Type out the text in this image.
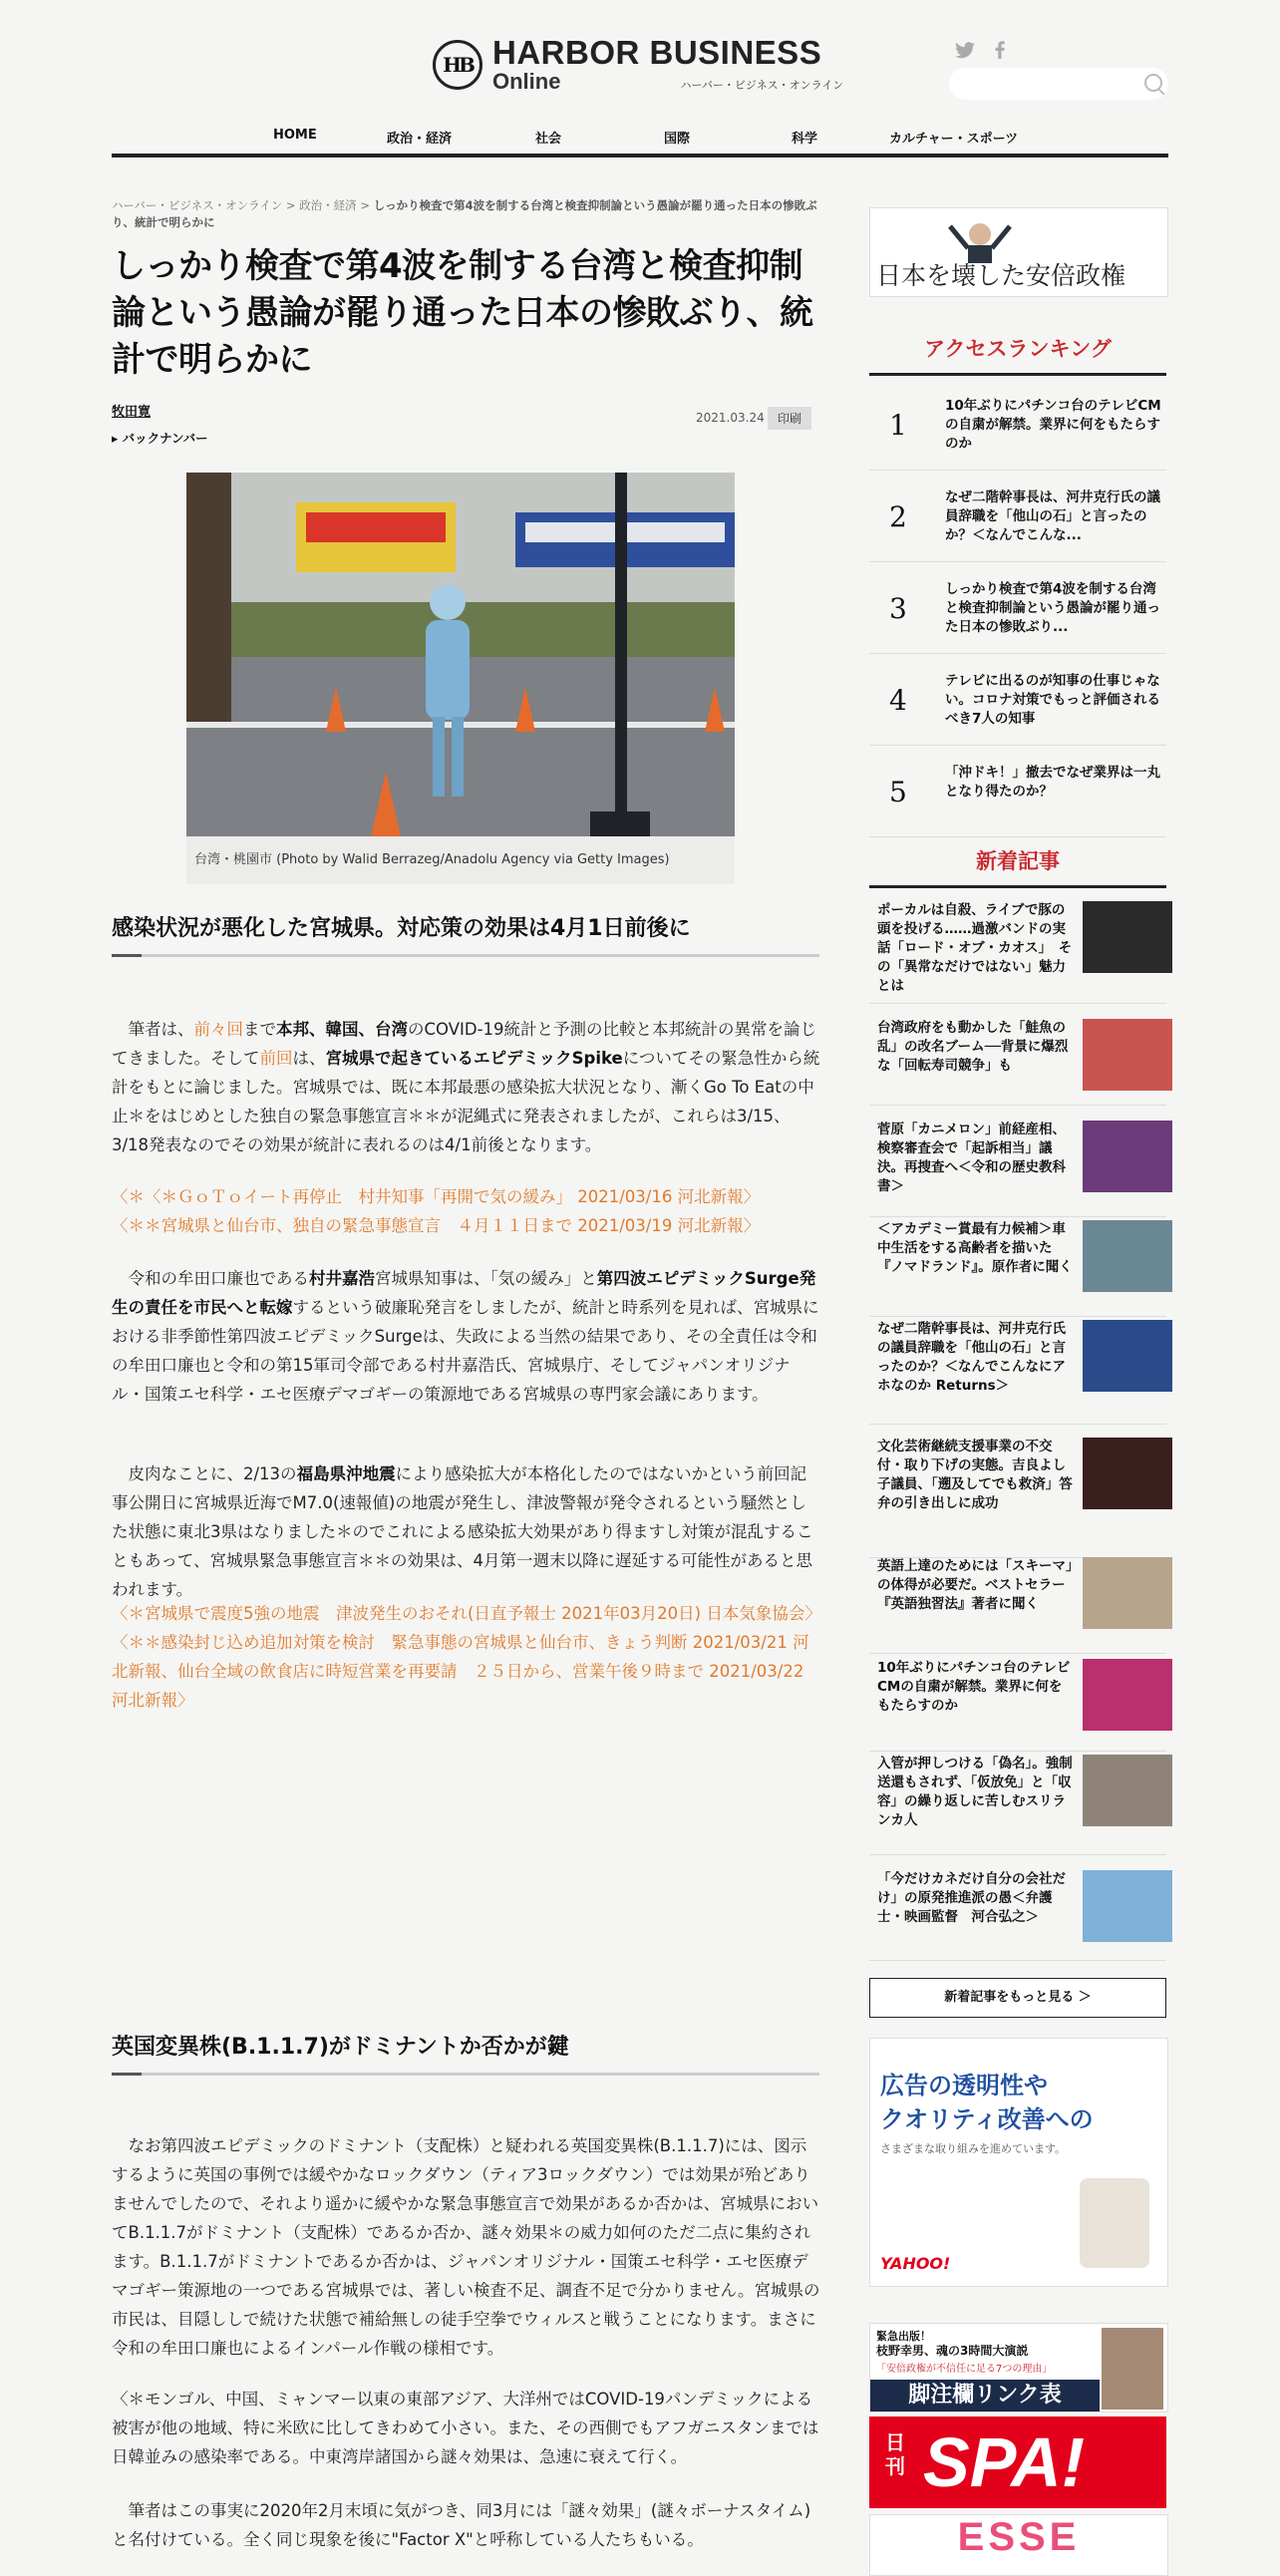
HB HARBOR BUSINESS
Online	ハーバー・ビジネス・オンライン
HOME	政治・経済	社会	国際	科学	カルチャー・スポーツ
ハーバー・ビジネス・オンライン > 政治・経済 > しっかり検査で第4波を制する台湾と検査抑制論という愚論が罷り通った日本の惨敗ぶり、統計で明らかに
しっかり検査で第4波を制する台湾と検査抑制論という愚論が罷り通った日本の惨敗ぶり、統計で明らかに
牧田寛
▸ バックナンバー
2021.03.24	印刷
台湾・桃園市 (Photo by Walid Berrazeg/Anadolu Agency via Getty Images)
感染状況が悪化した宮城県。対応策の効果は4月1日前後に

　筆者は、前々回まで本邦、韓国、台湾のCOVID-19統計と予測の比較と本邦統計の異常を論じてきました。そして前回は、宮城県で起きているエピデミックSpikeについてその緊急性から統計をもとに論じました。宮城県では、既に本邦最悪の感染拡大状況となり、漸くGo To Eatの中止＊をはじめとした独自の緊急事態宣言＊＊が泥縄式に発表されましたが、これらは3/15、3/18発表なのでその効果が統計に表れるのは4/1前後となります。

〈＊〈＊ＧｏＴｏイート再停止　村井知事「再開で気の緩み」 2021/03/16 河北新報〉
〈＊＊宮城県と仙台市、独自の緊急事態宣言　４月１１日まで 2021/03/19 河北新報〉

　令和の牟田口廉也である村井嘉浩宮城県知事は、「気の緩み」と第四波エピデミックSurge発生の責任を市民へと転嫁するという破廉恥発言をしましたが、統計と時系列を見れば、宮城県における非季節性第四波エピデミックSurgeは、失政による当然の結果であり、その全責任は令和の牟田口廉也と令和の第15軍司令部である村井嘉浩氏、宮城県庁、そしてジャパンオリジナル・国策エセ科学・エセ医療デマゴギーの策源地である宮城県の専門家会議にあります。

　皮肉なことに、2/13の福島県沖地震により感染拡大が本格化したのではないかという前回記事公開日に宮城県近海でM7.0(速報値)の地震が発生し、津波警報が発令されるという騒然とした状態に東北3県はなりました＊のでこれによる感染拡大効果があり得ますし対策が混乱することもあって、宮城県緊急事態宣言＊＊の効果は、4月第一週末以降に遅延する可能性があると思われます。

〈＊宮城県で震度5強の地震　津波発生のおそれ(日直予報士 2021年03月20日) 日本気象協会〉
〈＊＊感染封じ込め追加対策を検討　緊急事態の宮城県と仙台市、きょう判断 2021/03/21 河北新報、仙台全域の飲食店に時短営業を再要請　２５日から、営業午後９時まで 2021/03/22 河北新報〉

英国変異株(B.1.1.7)がドミナントか否かが鍵

　なお第四波エピデミックのドミナント（支配株）と疑われる英国変異株(B.1.1.7)には、図示するように英国の事例では緩やかなロックダウン（ティア3ロックダウン）では効果が殆どありませんでしたので、それより遥かに緩やかな緊急事態宣言で効果があるか否かは、宮城県においてB.1.1.7がドミナント（支配株）であるか否か、謎々効果＊の威力如何のただ二点に集約されます。B.1.1.7がドミナントであるか否かは、ジャパンオリジナル・国策エセ科学・エセ医療デマゴギー策源地の一つである宮城県では、著しい検査不足、調査不足で分かりません。宮城県の市民は、目隠ししで続けた状態で補給無しの徒手空拳でウィルスと戦うことになります。まさに令和の牟田口廉也によるインパール作戦の様相です。

〈＊モンゴル、中国、ミャンマー以東の東部アジア、大洋州ではCOVID-19パンデミックによる被害が他の地域、特に米欧に比してきわめて小さい。また、その西側でもアフガニスタンまでは日韓並みの感染率である。中東湾岸諸国から謎々効果は、急速に衰えて行く。

　筆者はこの事実に2020年2月末頃に気がつき、同3月には「謎々効果」(謎々ボーナスタイム)と名付けている。全く同じ現象を後に"Factor X"と呼称している人たちもいる。

日本を壊した安倍政権
アクセスランキング
1
10年ぶりにパチンコ台のテレビCMの自粛が解禁。業界に何をもたらすのか
2
なぜ二階幹事長は、河井克行氏の議員辞職を「他山の石」と言ったのか？＜なんでこんな...
3
しっかり検査で第4波を制する台湾と検査抑制論という愚論が罷り通った日本の惨敗ぶり...
4
テレビに出るのが知事の仕事じゃない。コロナ対策でもっと評価されるべき7人の知事
5
「沖ドキ！」撤去でなぜ業界は一丸となり得たのか？
新着記事
ポーカルは自殺、ライブで豚の頭を投げる……過激バンドの実話「ロード・オブ・カオス」　その「異常なだけではない」魅力とは
台湾政府をも動かした「鮭魚の乱」の改名ブーム──背景に爆烈な「回転寿司競争」も
菅原「カニメロン」前経産相、検察審査会で「起訴相当」議決。再捜査へ＜令和の歴史教科書＞
＜アカデミー賞最有力候補＞車中生活をする高齢者を描いた『ノマドランド』。原作者に聞く
なぜ二階幹事長は、河井克行氏の議員辞職を「他山の石」と言ったのか？＜なんでこんなにアホなのか Returns＞
文化芸術継続支援事業の不交付・取り下げの実態。吉良よし子議員、「遡及してでも救済」答弁の引き出しに成功
英語上達のためには「スキーマ」の体得が必要だ。ベストセラー『英語独習法』著者に聞く
10年ぶりにパチンコ台のテレビCMの自粛が解禁。業界に何をもたらすのか
入管が押しつける「偽名」。強制送還もされず、「仮放免」と「収容」の繰り返しに苦しむスリランカ人
「今だけカネだけ自分の会社だけ」の原発推進派の愚＜弁護士・映画監督　河合弘之＞
新着記事をもっと見る ＞
広告の透明性や
クオリティ改善への
さまざまな取り組みを進めています。
YAHOO!
緊急出版！
枝野幸男、魂の3時間大演説
「安倍政権が不信任に足る7つの理由」
脚注欄リンク表
日刊 SPA!
ESSE
